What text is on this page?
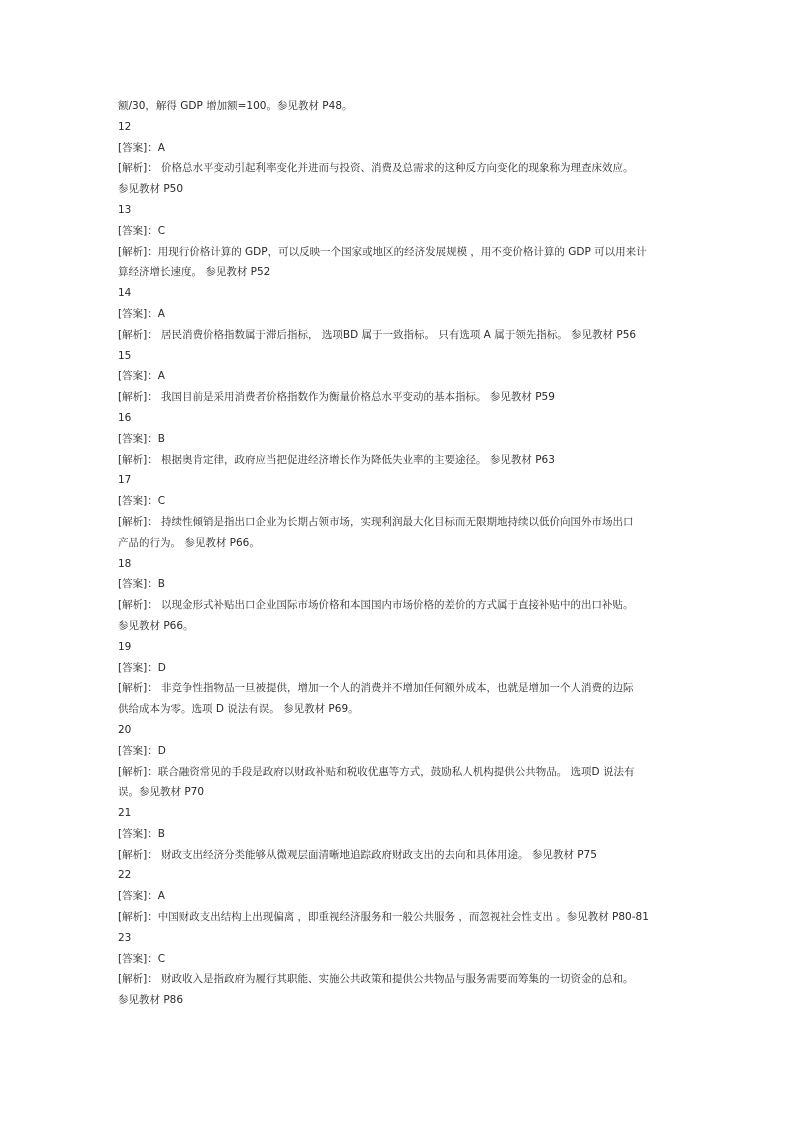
额/30，解得 GDP 增加额=100。参见教材 P48。
12
[答案]：A
[解析]： 价格总水平变动引起利率变化并进而与投资、消费及总需求的这种反方向变化的现象称为理查床效应。
参见教材 P50
13
[答案]：C
[解析]：用现行价格计算的 GDP，可以反映一个国家或地区的经济发展规模 ，用不变价格计算的 GDP 可以用来计
算经济增长速度。 参见教材 P52
14
[答案]：A
[解析]： 居民消费价格指数属于滞后指标， 选项BD 属于一致指标。 只有选项 A 属于领先指标。 参见教材 P56
15
[答案]：A
[解析]： 我国目前是采用消费者价格指数作为衡量价格总水平变动的基本指标。 参见教材 P59
16
[答案]：B
[解析]： 根据奥肯定律，政府应当把促进经济增长作为降低失业率的主要途径。 参见教材 P63
17
[答案]：C
[解析]： 持续性倾销是指出口企业为长期占领市场，实现利润最大化目标而无限期地持续以低价向国外市场出口
产品的行为。 参见教材 P66。
18
[答案]：B
[解析]： 以现金形式补贴出口企业国际市场价格和本国国内市场价格的差价的方式属于直接补贴中的出口补贴。
参见教材 P66。
19
[答案]：D
[解析]： 非竞争性指物品一旦被提供，增加一个人的消费并不增加任何额外成本，也就是增加一个人消费的边际
供给成本为零。选项 D 说法有误。 参见教材 P69。
20
[答案]：D
[解析]：联合融资常见的手段是政府以财政补贴和税收优惠等方式，鼓励私人机构提供公共物品。 选项D 说法有
误。参见教材 P70
21
[答案]：B
[解析]： 财政支出经济分类能够从微观层面清晰地追踪政府财政支出的去向和具体用途。 参见教材 P75
22
[答案]：A
[解析]：中国财政支出结构上出现偏离 ，即重视经济服务和一般公共服务 ，而忽视社会性支出 。参见教材 P80-81
23
[答案]：C
[解析]： 财政收入是指政府为履行其职能、实施公共政策和提供公共物品与服务需要而筹集的一切资金的总和。
参见教材 P86
